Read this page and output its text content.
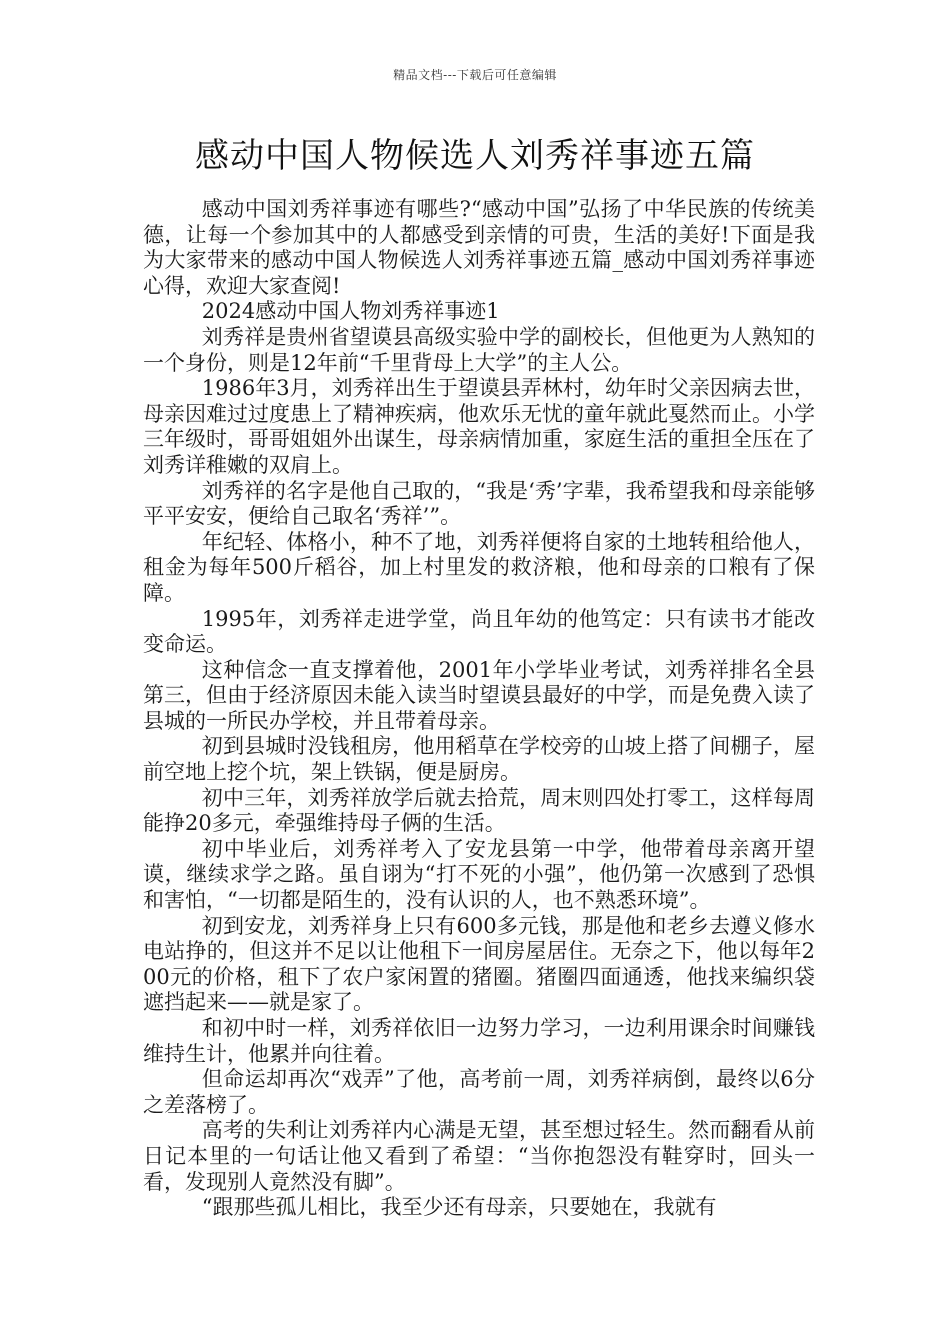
精品文档---下载后可任意编辑
感动中国人物候选人刘秀祥事迹五篇

感动中国刘秀祥事迹有哪些?“感动中国”弘扬了中华民族的传统美德，让每一个参加其中的人都感受到亲情的可贵，生活的美好!下面是我为大家带来的感动中国人物候选人刘秀祥事迹五篇_感动中国刘秀祥事迹心得，欢迎大家查阅!

2024感动中国人物刘秀祥事迹1

刘秀祥是贵州省望谟县高级实验中学的副校长，但他更为人熟知的一个身份，则是12年前“千里背母上大学”的主人公。

1986年3月，刘秀祥出生于望谟县弄林村，幼年时父亲因病去世，母亲因难过过度患上了精神疾病，他欢乐无忧的童年就此戛然而止。小学三年级时，哥哥姐姐外出谋生，母亲病情加重，家庭生活的重担全压在了刘秀详稚嫩的双肩上。

刘秀祥的名字是他自己取的，“我是‘秀’字辈，我希望我和母亲能够平平安安，便给自己取名‘秀祥’”。

年纪轻、体格小，种不了地，刘秀祥便将自家的土地转租给他人，租金为每年500斤稻谷，加上村里发的救济粮，他和母亲的口粮有了保障。

1995年，刘秀祥走进学堂，尚且年幼的他笃定：只有读书才能改变命运。

这种信念一直支撑着他，2001年小学毕业考试，刘秀祥排名全县第三，但由于经济原因未能入读当时望谟县最好的中学，而是免费入读了县城的一所民办学校，并且带着母亲。

初到县城时没钱租房，他用稻草在学校旁的山坡上搭了间棚子，屋前空地上挖个坑，架上铁锅，便是厨房。

初中三年，刘秀祥放学后就去拾荒，周末则四处打零工，这样每周能挣20多元，牵强维持母子俩的生活。

初中毕业后，刘秀祥考入了安龙县第一中学，他带着母亲离开望谟，继续求学之路。虽自诩为“打不死的小强”，他仍第一次感到了恐惧和害怕，“一切都是陌生的，没有认识的人，也不熟悉环境”。

初到安龙，刘秀祥身上只有600多元钱，那是他和老乡去遵义修水电站挣的，但这并不足以让他租下一间房屋居住。无奈之下，他以每年200元的价格，租下了农户家闲置的猪圈。猪圈四面通透，他找来编织袋遮挡起来——就是家了。

和初中时一样，刘秀祥依旧一边努力学习，一边利用课余时间赚钱维持生计，他累并向往着。

但命运却再次“戏弄”了他，高考前一周，刘秀祥病倒，最终以6分之差落榜了。

高考的失利让刘秀祥内心满是无望，甚至想过轻生。然而翻看从前日记本里的一句话让他又看到了希望：“当你抱怨没有鞋穿时，回头一看，发现别人竟然没有脚”。

“跟那些孤儿相比，我至少还有母亲，只要她在，我就有
